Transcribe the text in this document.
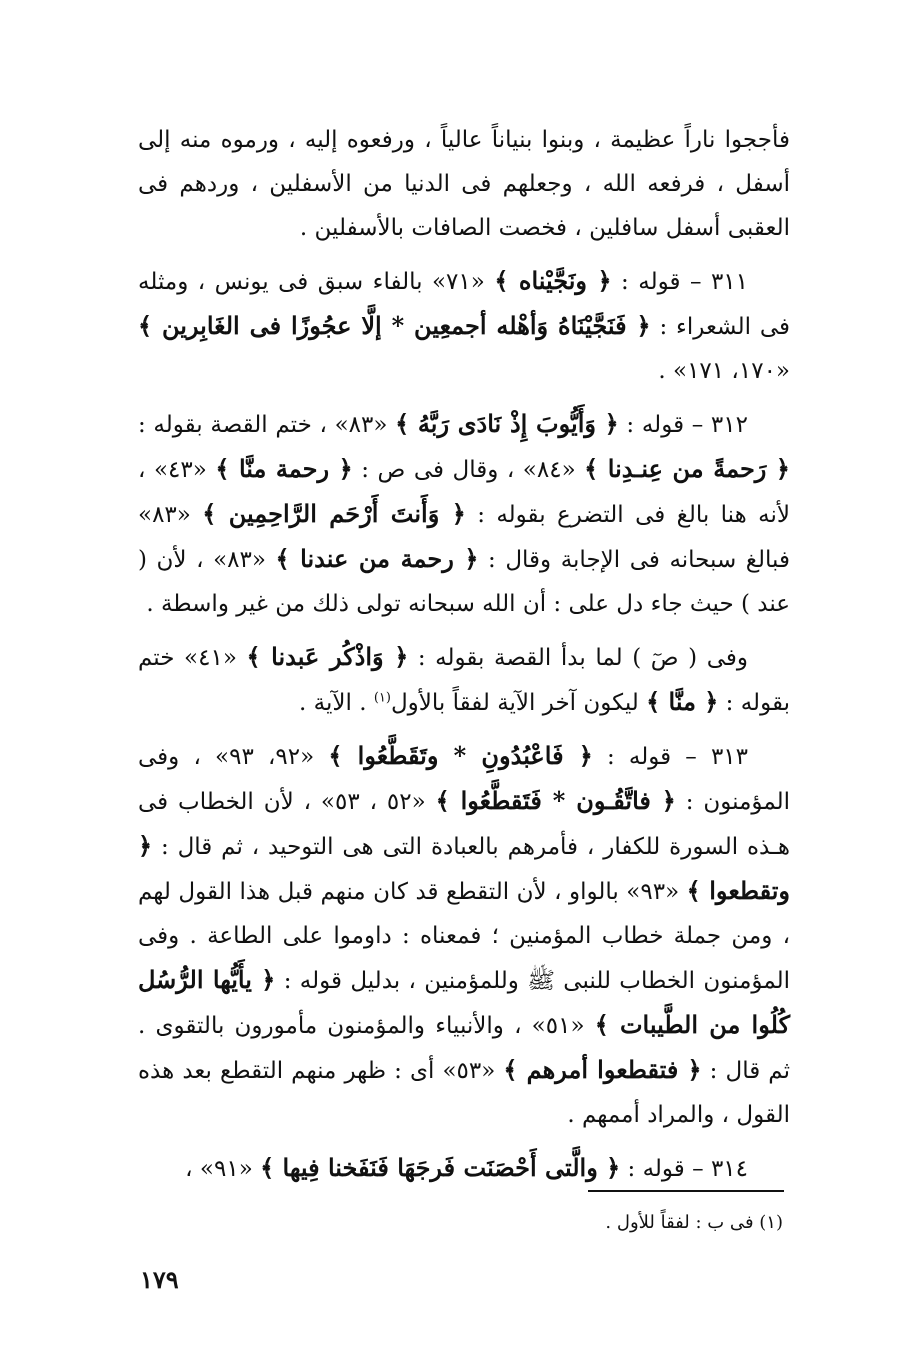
فأججوا ناراً عظيمة ، وبنوا بنياناً عالياً ، ورفعوه إليه ، ورموه منه إلى أسفل ، فرفعه الله ، وجعلهم فى الدنيا من الأسفلين ، وردهم فى العقبى أسفل سافلين ، فخصت الصافات بالأسفلين .

٣١١ – قوله : ﴿ ونَجَّيْناه ﴾ «٧١» بالفاء سبق فى يونس ، ومثله فى الشعراء : ﴿ فَنَجَّيْنَاهُ وَأهْله أجمعِين * إلَّا عجُوزًا فى الغَابِرين ﴾ «١٧٠، ١٧١» .

٣١٢ – قوله : ﴿ وَأَيُّوبَ إِذْ نَادَى رَبَّهُ ﴾ «٨٣» ، ختم القصة بقوله : ﴿ رَحمةً من عِنـدِنا ﴾ «٨٤» ، وقال فى ص : ﴿ رحمة منَّا ﴾ «٤٣» ، لأنه هنا بالغ فى التضرع بقوله : ﴿ وَأَنتَ أَرْحَم الرَّاحِمِين ﴾ «٨٣» فبالغ سبحانه فى الإجابة وقال : ﴿ رحمة من عندنا ﴾ «٨٣» ، لأن ( عند ) حيث جاء دل على : أن الله سبحانه تولى ذلك من غير واسطة .

وفى ( صٓ ) لما بدأ القصة بقوله : ﴿ وَاذْكُر عَبدنا ﴾ «٤١» ختم بقوله : ﴿ منَّا ﴾ ليكون آخر الآية لفقاً بالأول$^{(١)}$ . الآية .

٣١٣ – قوله : ﴿ فَاعْبُدُونِ * وتَقَطَّعُوا ﴾ «٩٢، ٩٣» ، وفى المؤمنون : ﴿ فاتَّقُـون * فَتَقطَّعُوا ﴾ «٥٢ ، ٥٣» ، لأن الخطاب فى هـذه السورة للكفار ، فأمرهم بالعبادة التى هى التوحيد ، ثم قال : ﴿ وتقطعوا ﴾ «٩٣» بالواو ، لأن التقطع قد كان منهم قبل هذا القول لهم ، ومن جملة خطاب المؤمنين ؛ فمعناه : داوموا على الطاعة . وفى المؤمنون الخطاب للنبى ﷺ وللمؤمنين ، بدليل قوله : ﴿ يأَيُّها الرُّسُل كُلُوا من الطَّيبات ﴾ «٥١» ، والأنبياء والمؤمنون مأمورون بالتقوى . ثم قال : ﴿ فتقطعوا أمرهم ﴾ «٥٣» أى : ظهر منهم التقطع بعد هذه القول ، والمراد أممهم .

٣١٤ – قوله : ﴿ والَّتى أَحْصَنَت فَرجَهَا فَنَفَخنا فِيها ﴾ «٩١» ،

(١) فى ب : لفقاً للأول .
١٧٩
